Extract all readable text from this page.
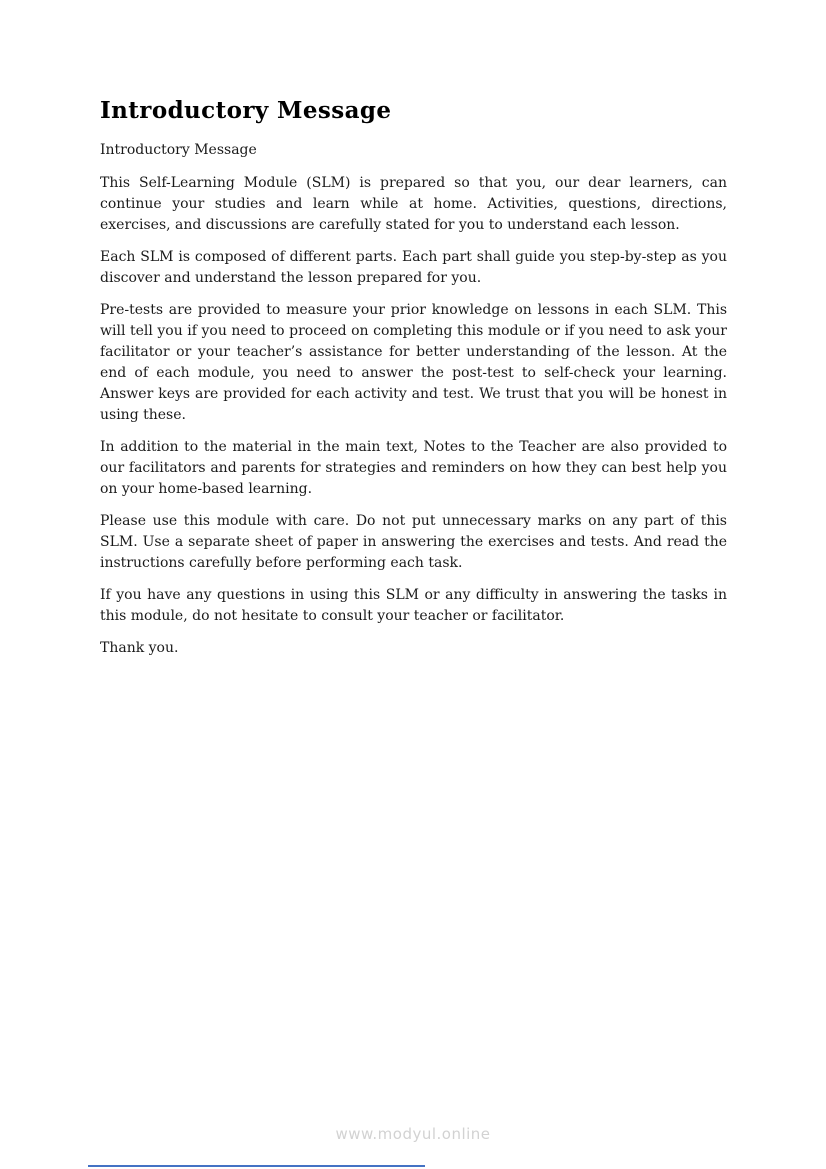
Introductory Message

Introductory Message

This Self-Learning Module (SLM) is prepared so that you, our dear learners, can continue your studies and learn while at home. Activities, questions, directions, exercises, and discussions are carefully stated for you to understand each lesson.

Each SLM is composed of different parts. Each part shall guide you step-by-step as you discover and understand the lesson prepared for you.

Pre-tests are provided to measure your prior knowledge on lessons in each SLM. This will tell you if you need to proceed on completing this module or if you need to ask your facilitator or your teacher’s assistance for better understanding of the lesson. At the end of each module, you need to answer the post-test to self-check your learning. Answer keys are provided for each activity and test. We trust that you will be honest in using these.

In addition to the material in the main text, Notes to the Teacher are also provided to our facilitators and parents for strategies and reminders on how they can best help you on your home-based learning.

Please use this module with care. Do not put unnecessary marks on any part of this SLM. Use a separate sheet of paper in answering the exercises and tests. And read the instructions carefully before performing each task.

If you have any questions in using this SLM or any difficulty in answering the tasks in this module, do not hesitate to consult your teacher or facilitator.

Thank you.

www.modyul.online
